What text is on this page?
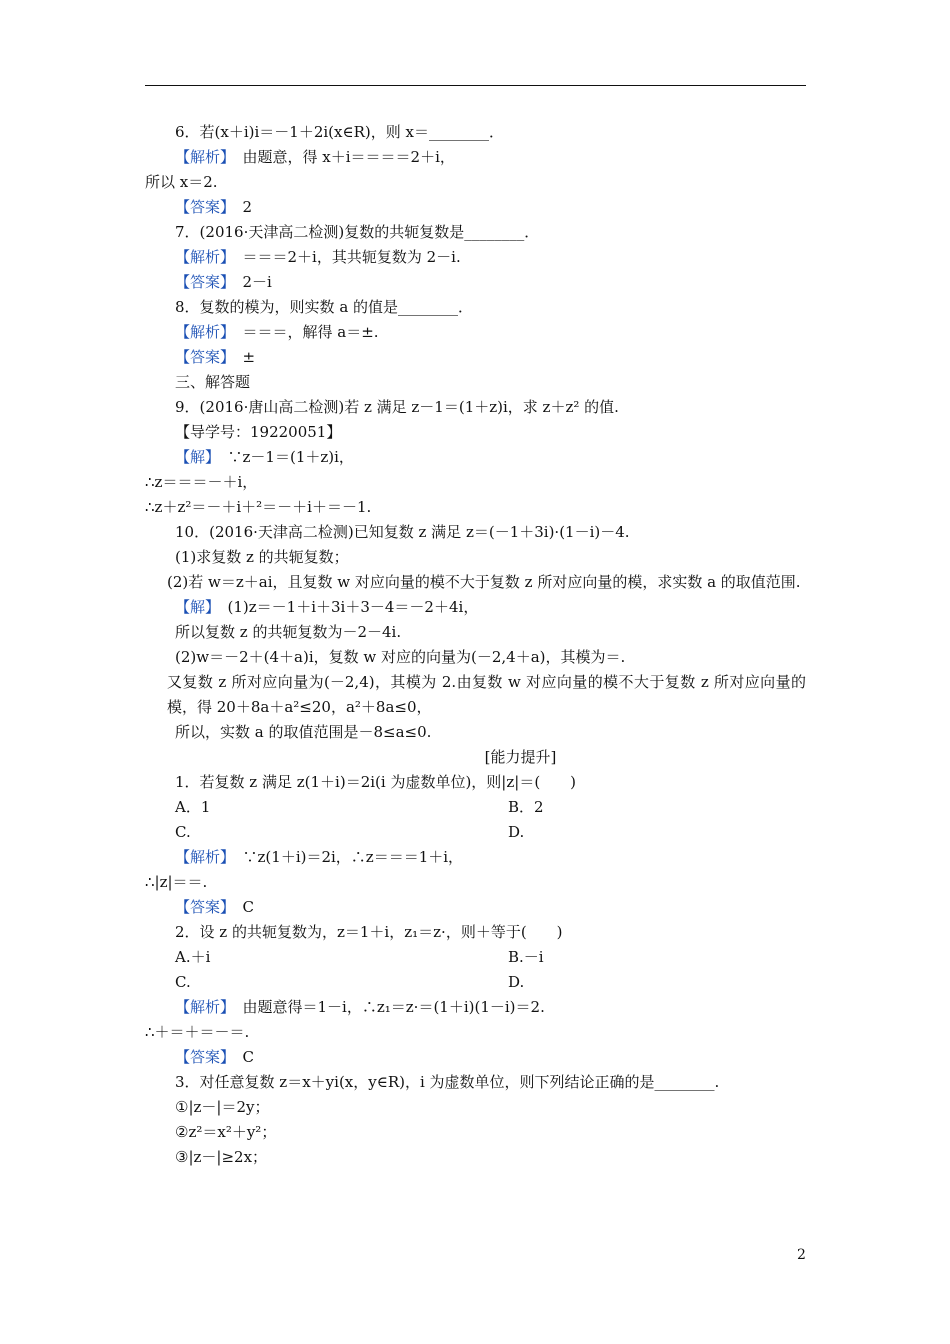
6．若(x＋i)i＝－1＋2i(x∈R)，则 x＝________．
【解析】　由题意，得 x＋i＝＝＝＝2＋i，
所以 x＝2.
【答案】　2
7．(2016·天津高二检测)复数的共轭复数是________．
【解析】　＝＝＝2＋i，其共轭复数为 2－i.
【答案】　2－i
8．复数的模为，则实数 a 的值是________．
【解析】　＝＝＝，解得 a＝±.
【答案】　±
三、解答题
9．(2016·唐山高二检测)若 z 满足 z－1＝(1＋z)i，求 z＋z² 的值.
【导学号：19220051】
【解】　∵z－1＝(1＋z)i，
∴z＝＝＝－＋i，
∴z＋z²＝－＋i＋²＝－＋i＋＝－1.
10．(2016·天津高二检测)已知复数 z 满足 z＝(－1＋3i)·(1－i)－4.
(1)求复数 z 的共轭复数；
(2)若 w＝z＋ai，且复数 w 对应向量的模不大于复数 z 所对应向量的模，求实数 a 的取值范围.
【解】　(1)z＝－1＋i＋3i＋3－4＝－2＋4i，
所以复数 z 的共轭复数为－2－4i.
(2)w＝－2＋(4＋a)i，复数 w 对应的向量为(－2,4＋a)，其模为＝.
又复数 z 所对应向量为(－2,4)，其模为 2.由复数 w 对应向量的模不大于复数 z 所对应向量的模，得 20＋8a＋a²≤20，a²＋8a≤0，
所以，实数 a 的取值范围是－8≤a≤0.
[能力提升]
1．若复数 z 满足 z(1＋i)＝2i(i 为虚数单位)，则|z|＝(　　)
A．1	B．2
C.	D.
【解析】　∵z(1＋i)＝2i，∴z＝＝＝1＋i，
∴|z|＝＝.
【答案】　C
2．设 z 的共轭复数为，z＝1＋i，z₁＝z·，则＋等于(　　)
A.＋i	B.－i
C.	D.
【解析】　由题意得＝1－i，∴z₁＝z·＝(1＋i)(1－i)＝2.
∴＋＝＋＝－＝.
【答案】　C
3．对任意复数 z＝x＋yi(x，y∈R)，i 为虚数单位，则下列结论正确的是________.
①|z－|＝2y；
②z²＝x²＋y²；
③|z－|≥2x；
2
